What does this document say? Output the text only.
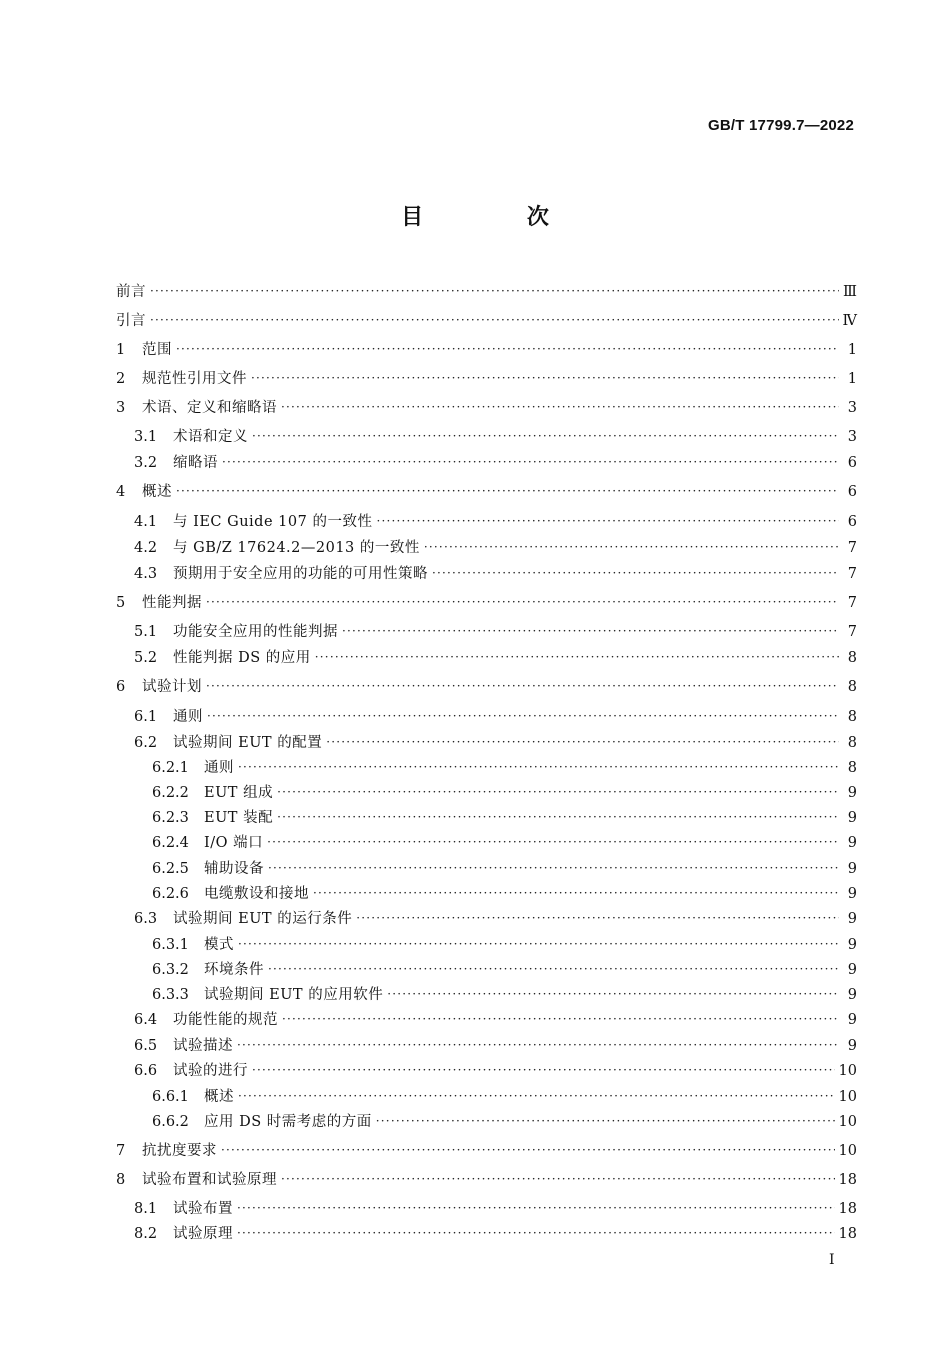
GB/T 17799.7—2022
目 次
前言 ·····	Ⅲ
引言 ·····	Ⅳ
1	范围 ·····	1
2	规范性引用文件 ·····	1
3	术语、定义和缩略语 ·····	3
3.1	术语和定义 ·····	3
3.2	缩略语 ·····	6
4	概述 ·····	6
4.1	与 IEC Guide 107 的一致性 ·····	6
4.2	与 GB/Z 17624.2—2013 的一致性 ·····	7
4.3	预期用于安全应用的功能的可用性策略 ·····	7
5	性能判据 ·····	7
5.1	功能安全应用的性能判据 ·····	7
5.2	性能判据 DS 的应用 ·····	8
6	试验计划 ·····	8
6.1	通则 ·····	8
6.2	试验期间 EUT 的配置 ·····	8
6.2.1	通则 ·····	8
6.2.2	EUT 组成 ·····	9
6.2.3	EUT 装配 ·····	9
6.2.4	I/O 端口 ·····	9
6.2.5	辅助设备 ·····	9
6.2.6	电缆敷设和接地 ·····	9
6.3	试验期间 EUT 的运行条件 ·····	9
6.3.1	模式 ·····	9
6.3.2	环境条件 ·····	9
6.3.3	试验期间 EUT 的应用软件 ·····	9
6.4	功能性能的规范 ·····	9
6.5	试验描述 ·····	9
6.6	试验的进行 ·····	10
6.6.1	概述 ·····	10
6.6.2	应用 DS 时需考虑的方面 ·····	10
7	抗扰度要求 ·····	10
8	试验布置和试验原理 ·····	18
8.1	试验布置 ·····	18
8.2	试验原理 ·····	18
I
